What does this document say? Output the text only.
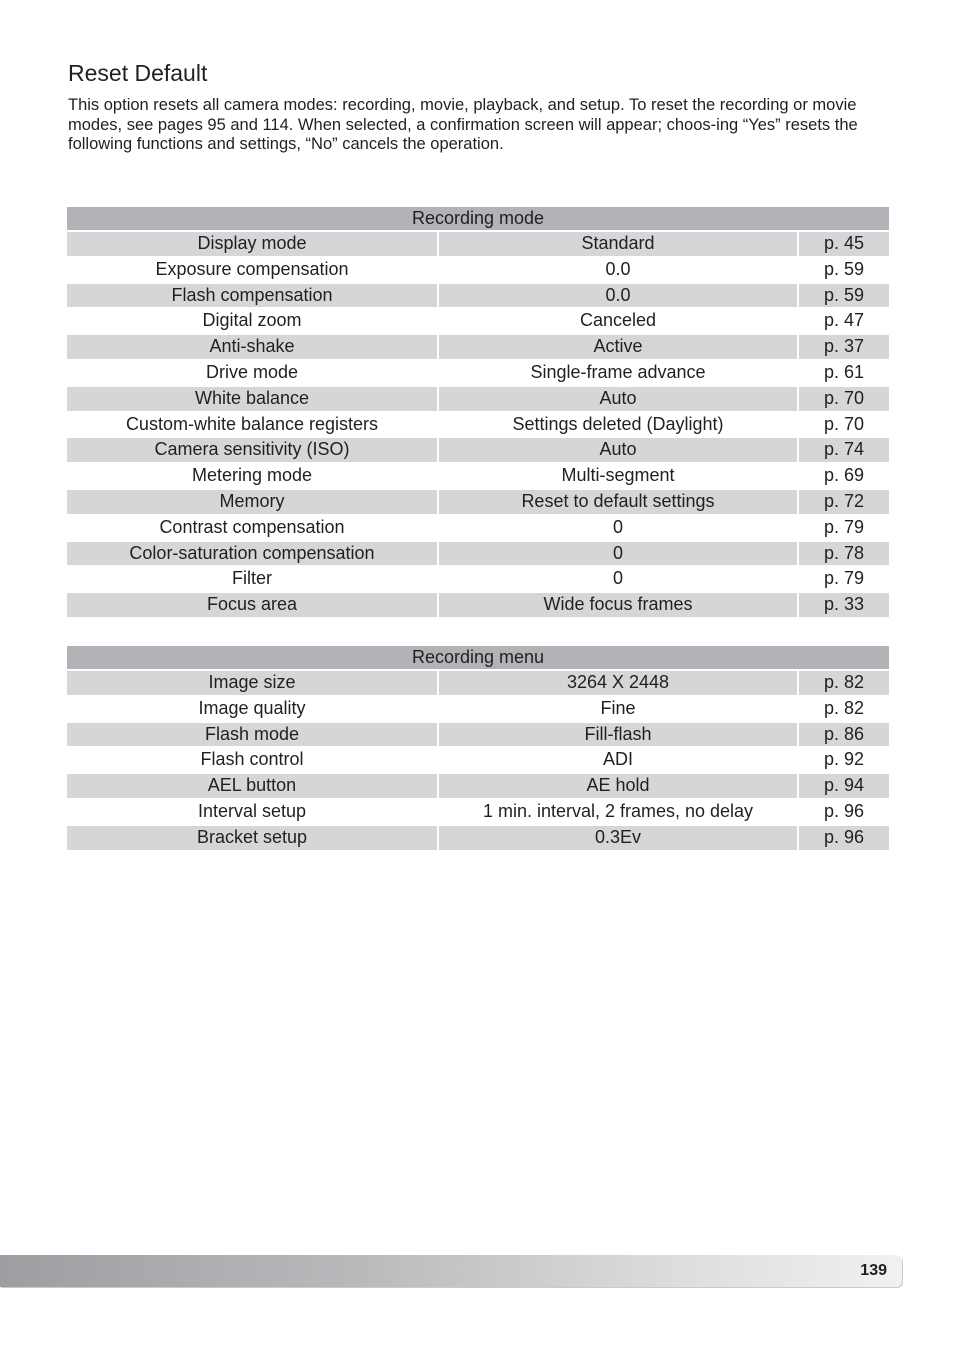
Reset Default

This option resets all camera modes: recording, movie, playback, and setup. To reset the recording or movie modes, see pages 95 and 114. When selected, a confirmation screen will appear; choos-ing “Yes” resets the following functions and settings, “No” cancels the operation.

Recording mode
Display mode	Standard	p. 45
Exposure compensation	0.0	p. 59
Flash compensation	0.0	p. 59
Digital zoom	Canceled	p. 47
Anti-shake	Active	p. 37
Drive mode	Single-frame advance	p. 61
White balance	Auto	p. 70
Custom-white balance registers	Settings deleted (Daylight)	p. 70
Camera sensitivity (ISO)	Auto	p. 74
Metering mode	Multi-segment	p. 69
Memory	Reset to default settings	p. 72
Contrast compensation	0	p. 79
Color-saturation compensation	0	p. 78
Filter	0	p. 79
Focus area	Wide focus frames	p. 33
Recording menu
Image size	3264 X 2448	p. 82
Image quality	Fine	p. 82
Flash mode	Fill-flash	p. 86
Flash control	ADI	p. 92
AEL button	AE hold	p. 94
Interval setup	1 min. interval, 2 frames, no delay	p. 96
Bracket setup	0.3Ev	p. 96
139
